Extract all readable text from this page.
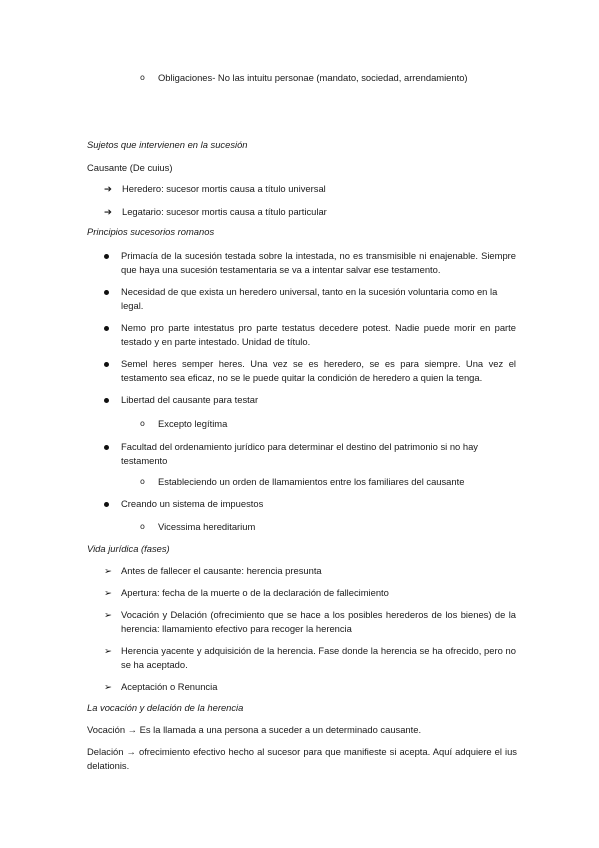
o Obligaciones- No las intuitu personae (mandato, sociedad, arrendamiento)
Sujetos que intervienen en la sucesión
Causante (De cuius)
➔ Heredero: sucesor mortis causa a título universal
➔ Legatario: sucesor mortis causa a título particular
Principios sucesorios romanos
Primacía de la sucesión testada sobre la intestada, no es transmisible ni enajenable. Siempre que haya una sucesión testamentaria se va a intentar salvar ese testamento.
Necesidad de que exista un heredero universal, tanto en la sucesión voluntaria como en la legal.
Nemo pro parte intestatus pro parte testatus decedere potest. Nadie puede morir en parte testado y en parte intestado. Unidad de título.
Semel heres semper heres. Una vez se es heredero, se es para siempre. Una vez el testamento sea eficaz, no se le puede quitar la condición de heredero a quien la tenga.
Libertad del causante para testar
o Excepto legítima
Facultad del ordenamiento jurídico para determinar el destino del patrimonio si no hay testamento
o Estableciendo un orden de llamamientos entre los familiares del causante
Creando un sistema de impuestos
o Vicessima hereditarium
Vida jurídica (fases)
➢ Antes de fallecer el causante: herencia presunta
➢ Apertura: fecha de la muerte o de la declaración de fallecimiento
➢ Vocación y Delación (ofrecimiento que se hace a los posibles herederos de los bienes) de la herencia: llamamiento efectivo para recoger la herencia
➢ Herencia yacente y adquisición de la herencia. Fase donde la herencia se ha ofrecido, pero no se ha aceptado.
➢ Aceptación o Renuncia
La vocación y delación de la herencia
Vocación → Es la llamada a una persona a suceder a un determinado causante.
Delación → ofrecimiento efectivo hecho al sucesor para que manifieste si acepta. Aquí adquiere el ius delationis.
